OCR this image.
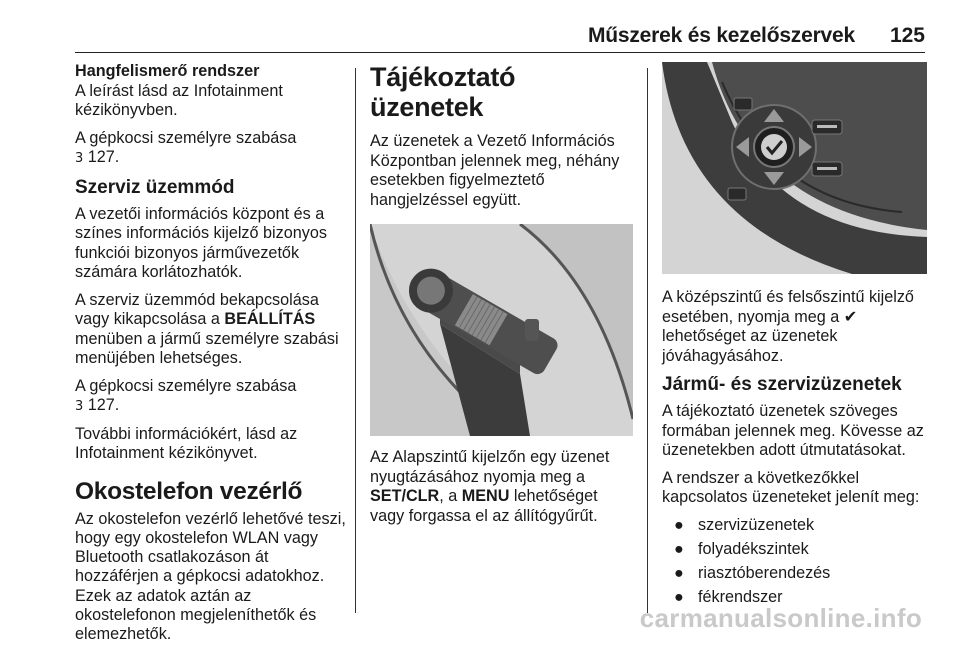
Műszerek és kezelőszervek 125
Hangfelismerő rendszer

A leírást lásd az Infotainment kézikönyvben.

A gépkocsi személyre szabása
3 127.

Szerviz üzemmód

A vezetői információs központ és a színes információs kijelző bizonyos funkciói bizonyos járművezetők számára korlátozhatók.

A szerviz üzemmód bekapcsolása vagy kikapcsolása a BEÁLLÍTÁS menüben a jármű személyre szabási menüjében lehetséges.

A gépkocsi személyre szabása
3 127.

További információkért, lásd az Infotainment kézikönyvet.

Okostelefon vezérlő

Az okostelefon vezérlő lehetővé teszi, hogy egy okostelefon WLAN vagy Bluetooth csatlakozáson át hozzáférjen a gépkocsi adatokhoz. Ezek az adatok aztán az okostelefonon megjeleníthetők és elemezhetők.

Tájékoztató üzenetek

Az üzenetek a Vezető Információs Központban jelennek meg, néhány esetekben figyelmeztető hangjelzéssel együtt.

Az Alapszintű kijelzőn egy üzenet nyugtázásához nyomja meg a SET/CLR, a MENU lehetőséget vagy forgassa el az állítógyűrűt.

A középszintű és felsőszintű kijelző esetében, nyomja meg a ✔ lehetőséget az üzenetek jóváhagyásához.

Jármű- és szervizüzenetek

A tájékoztató üzenetek szöveges formában jelennek meg. Kövesse az üzenetekben adott útmutatásokat.

A rendszer a következőkkel kapcsolatos üzeneteket jelenít meg:

● szervizüzenetek
● folyadékszintek
● riasztóberendezés
● fékrendszer
carmanualsonline.info
